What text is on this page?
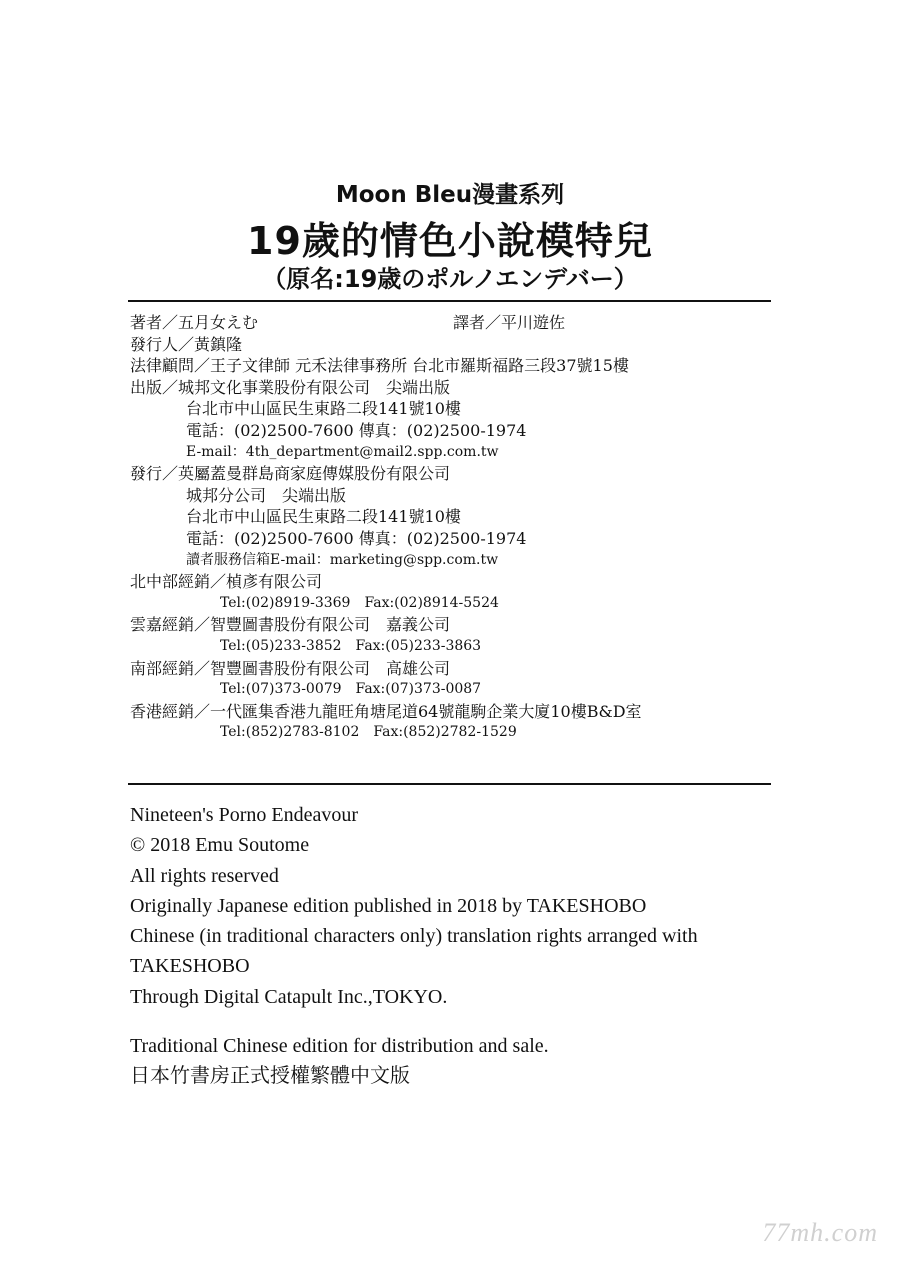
Moon Bleu漫畫系列
19歲的情色小說模特兒
（原名:19歳のポルノエンデバー）
著者／五月女えむ	譯者／平川遊佐
發行人／黃鎮隆
法律顧問／王子文律師 元禾法律事務所 台北市羅斯福路三段37號15樓
出版／城邦文化事業股份有限公司　尖端出版
台北市中山區民生東路二段141號10樓
電話：(02)2500-7600 傳真：(02)2500-1974
E-mail：4th_department@mail2.spp.com.tw
發行／英屬蓋曼群島商家庭傳媒股份有限公司
城邦分公司　尖端出版
台北市中山區民生東路二段141號10樓
電話：(02)2500-7600 傳真：(02)2500-1974
讀者服務信箱E-mail：marketing@spp.com.tw
北中部經銷／楨彥有限公司
Tel:(02)8919-3369　Fax:(02)8914-5524
雲嘉經銷／智豐圖書股份有限公司　嘉義公司
Tel:(05)233-3852　Fax:(05)233-3863
南部經銷／智豐圖書股份有限公司　高雄公司
Tel:(07)373-0079　Fax:(07)373-0087
香港經銷／一代匯集香港九龍旺角塘尾道64號龍駒企業大廈10樓B&D室
Tel:(852)2783-8102　Fax:(852)2782-1529
Nineteen's Porno Endeavour
© 2018 Emu Soutome
All rights reserved
Originally Japanese edition published in 2018 by TAKESHOBO
Chinese (in traditional characters only) translation rights arranged with
TAKESHOBO
Through Digital Catapult Inc.,TOKYO.
Traditional Chinese edition for distribution and sale.
日本竹書房正式授權繁體中文版
77mh.com
